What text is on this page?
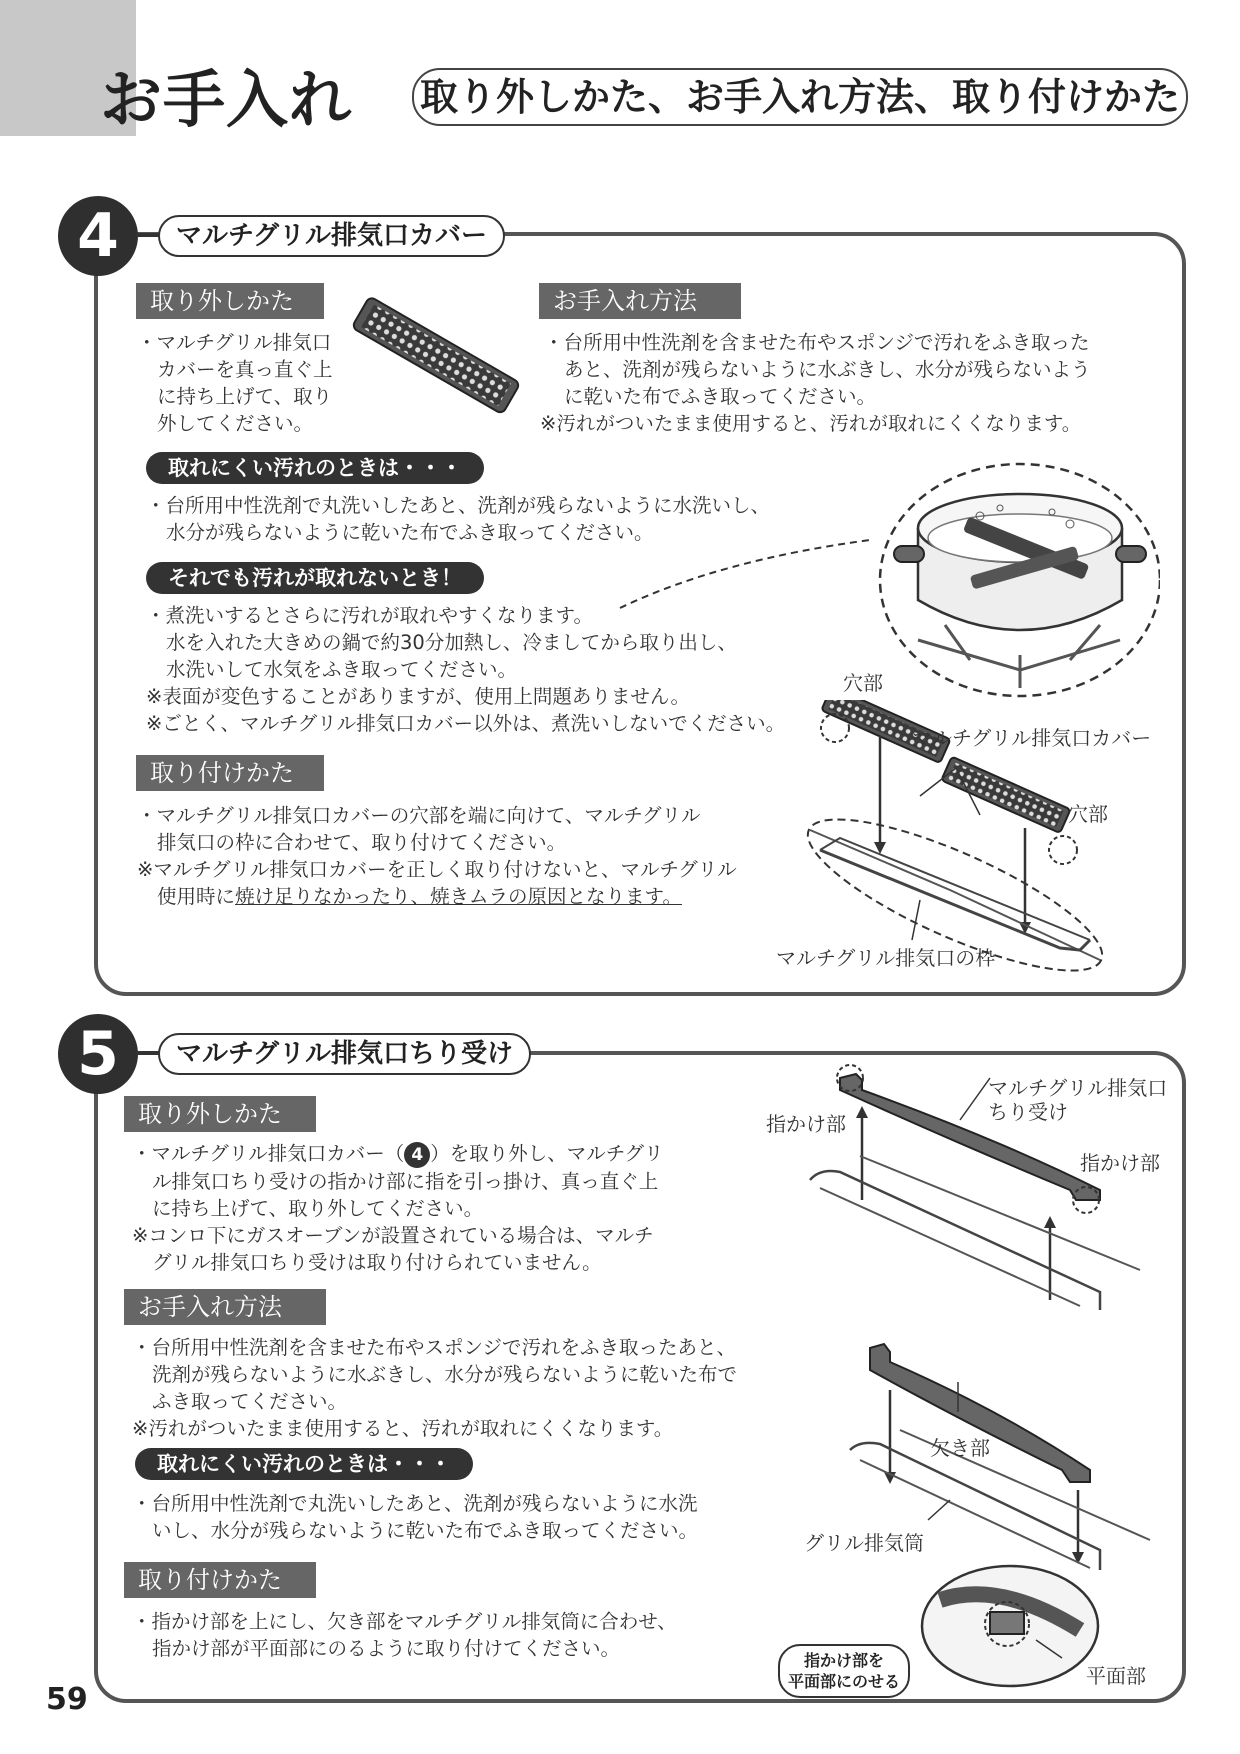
お手入れ 取り外しかた、お手入れ方法、取り付けかた
4	マルチグリル排気口カバー
取り外しかた

・マルチグリル排気口

カバーを真っ直ぐ上

に持ち上げて、取り

外してください。

お手入れ方法

・台所用中性洗剤を含ませた布やスポンジで汚れをふき取った

あと、洗剤が残らないように水ぶきし、水分が残らないよう

に乾いた布でふき取ってください。

※汚れがついたまま使用すると、汚れが取れにくくなります。

取れにくい汚れのときは・・・

・台所用中性洗剤で丸洗いしたあと、洗剤が残らないように水洗いし、

水分が残らないように乾いた布でふき取ってください。

それでも汚れが取れないとき！

・煮洗いするとさらに汚れが取れやすくなります。

水を入れた大きめの鍋で約30分加熱し、冷ましてから取り出し、

水洗いして水気をふき取ってください。

※表面が変色することがありますが、使用上問題ありません。

※ごとく、マルチグリル排気口カバー以外は、煮洗いしないでください。

取り付けかた

・マルチグリル排気口カバーの穴部を端に向けて、マルチグリル

排気口の枠に合わせて、取り付けてください。

※マルチグリル排気口カバーを正しく取り付けないと、マルチグリル

使用時に焼け足りなかったり、焼きムラの原因となります。

穴部
マルチグリル排気口カバー
穴部
マルチグリル排気口の枠
5	マルチグリル排気口ちり受け
取り外しかた

・マルチグリル排気口カバー（ 4 ）を取り外し、マルチグリ

ル排気口ちり受けの指かけ部に指を引っ掛け、真っ直ぐ上

に持ち上げて、取り外してください。

※コンロ下にガスオーブンが設置されている場合は、マルチ

グリル排気口ちり受けは取り付けられていません。

お手入れ方法

・台所用中性洗剤を含ませた布やスポンジで汚れをふき取ったあと、

洗剤が残らないように水ぶきし、水分が残らないように乾いた布で

ふき取ってください。

※汚れがついたまま使用すると、汚れが取れにくくなります。

取れにくい汚れのときは・・・

・台所用中性洗剤で丸洗いしたあと、洗剤が残らないように水洗

いし、水分が残らないように乾いた布でふき取ってください。

取り付けかた

・指かけ部を上にし、欠き部をマルチグリル排気筒に合わせ、

指かけ部が平面部にのるように取り付けてください。

指かけ部
マルチグリル排気口
ちり受け
指かけ部
欠き部
グリル排気筒
指かけ部を
平面部にのせる	平面部
59
